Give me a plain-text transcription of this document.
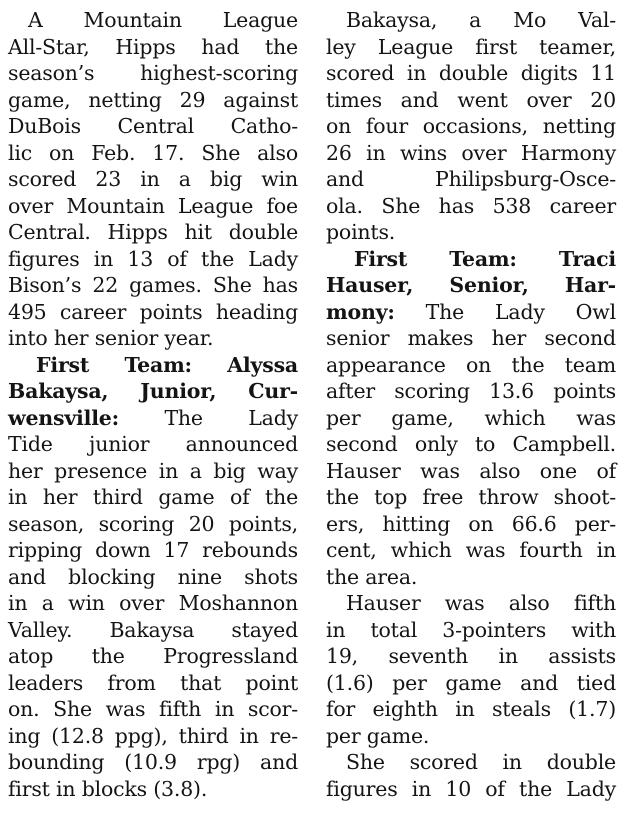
A Mountain League
All-Star, Hipps had the
season’s highest-scoring
game, netting 29 against
DuBois Central Catho-
lic on Feb. 17. She also
scored 23 in a big win
over Mountain League foe
Central. Hipps hit double
figures in 13 of the Lady
Bison’s 22 games. She has
495 career points heading
into her senior year.
First Team: Alyssa
Bakaysa, Junior, Cur-
wensville: The Lady
Tide junior announced
her presence in a big way
in her third game of the
season, scoring 20 points,
ripping down 17 rebounds
and blocking nine shots
in a win over Moshannon
Valley. Bakaysa stayed
atop the Progressland
leaders from that point
on. She was fifth in scor-
ing (12.8 ppg), third in re-
bounding (10.9 rpg) and
first in blocks (3.8).
Bakaysa, a Mo Val-
ley League first teamer,
scored in double digits 11
times and went over 20
on four occasions, netting
26 in wins over Harmony
and Philipsburg-Osce-
ola. She has 538 career
points.
First Team: Traci
Hauser, Senior, Har-
mony: The Lady Owl
senior makes her second
appearance on the team
after scoring 13.6 points
per game, which was
second only to Campbell.
Hauser was also one of
the top free throw shoot-
ers, hitting on 66.6 per-
cent, which was fourth in
the area.
Hauser was also fifth
in total 3-pointers with
19, seventh in assists
(1.6) per game and tied
for eighth in steals (1.7)
per game.
She scored in double
figures in 10 of the Lady
